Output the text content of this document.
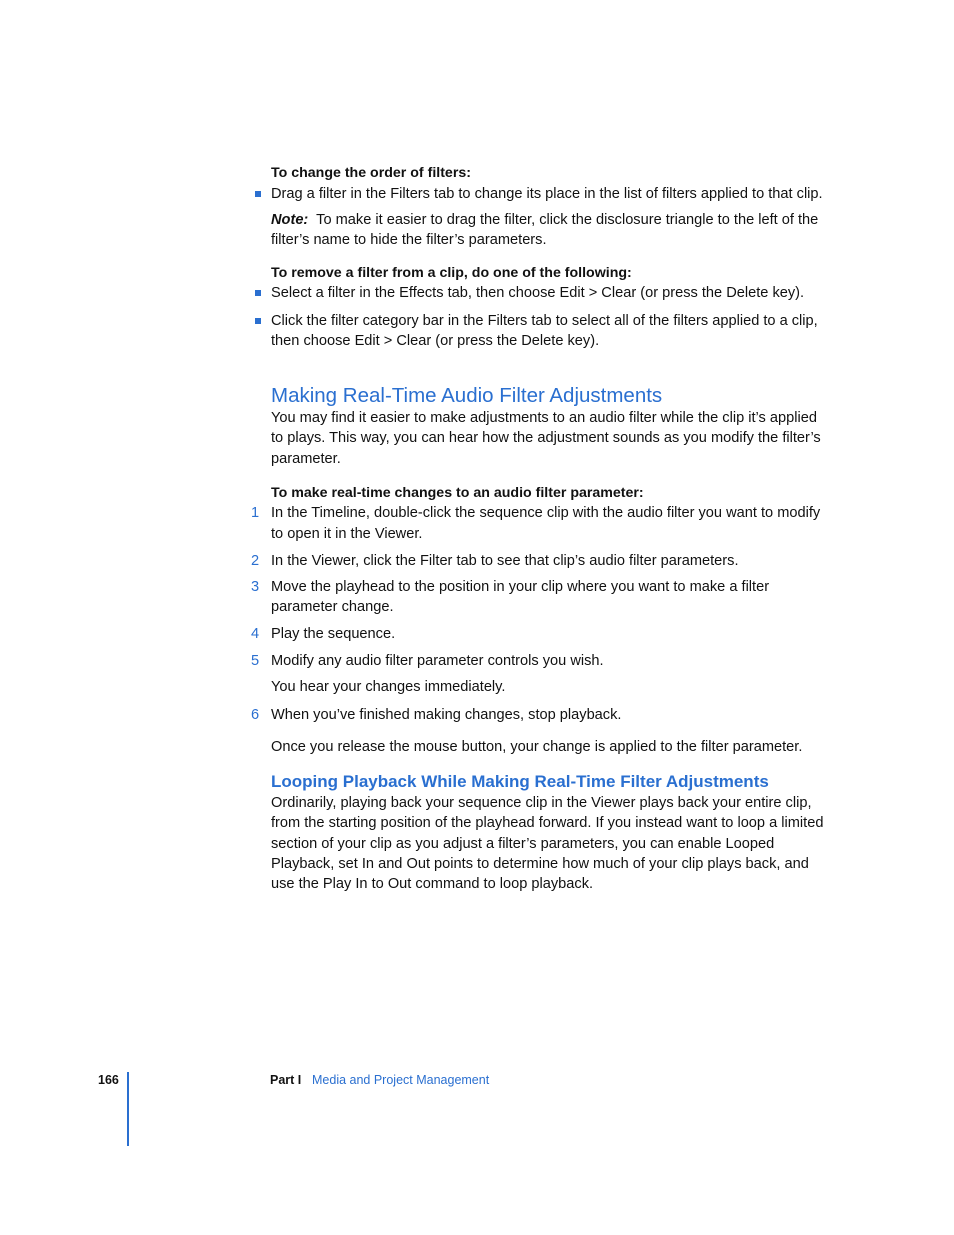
To change the order of filters:
Drag a filter in the Filters tab to change its place in the list of filters applied to that clip.
Note: To make it easier to drag the filter, click the disclosure triangle to the left of the filter’s name to hide the filter’s parameters.
To remove a filter from a clip, do one of the following:
Select a filter in the Effects tab, then choose Edit > Clear (or press the Delete key).
Click the filter category bar in the Filters tab to select all of the filters applied to a clip, then choose Edit > Clear (or press the Delete key).
Making Real-Time Audio Filter Adjustments
You may find it easier to make adjustments to an audio filter while the clip it’s applied to plays. This way, you can hear how the adjustment sounds as you modify the filter’s parameter.
To make real-time changes to an audio filter parameter:
1 In the Timeline, double-click the sequence clip with the audio filter you want to modify to open it in the Viewer.
2 In the Viewer, click the Filter tab to see that clip’s audio filter parameters.
3 Move the playhead to the position in your clip where you want to make a filter parameter change.
4 Play the sequence.
5 Modify any audio filter parameter controls you wish.
You hear your changes immediately.
6 When you’ve finished making changes, stop playback.
Once you release the mouse button, your change is applied to the filter parameter.
Looping Playback While Making Real-Time Filter Adjustments
Ordinarily, playing back your sequence clip in the Viewer plays back your entire clip, from the starting position of the playhead forward. If you instead want to loop a limited section of your clip as you adjust a filter’s parameters, you can enable Looped Playback, set In and Out points to determine how much of your clip plays back, and use the Play In to Out command to loop playback.
166	Part I Media and Project Management
